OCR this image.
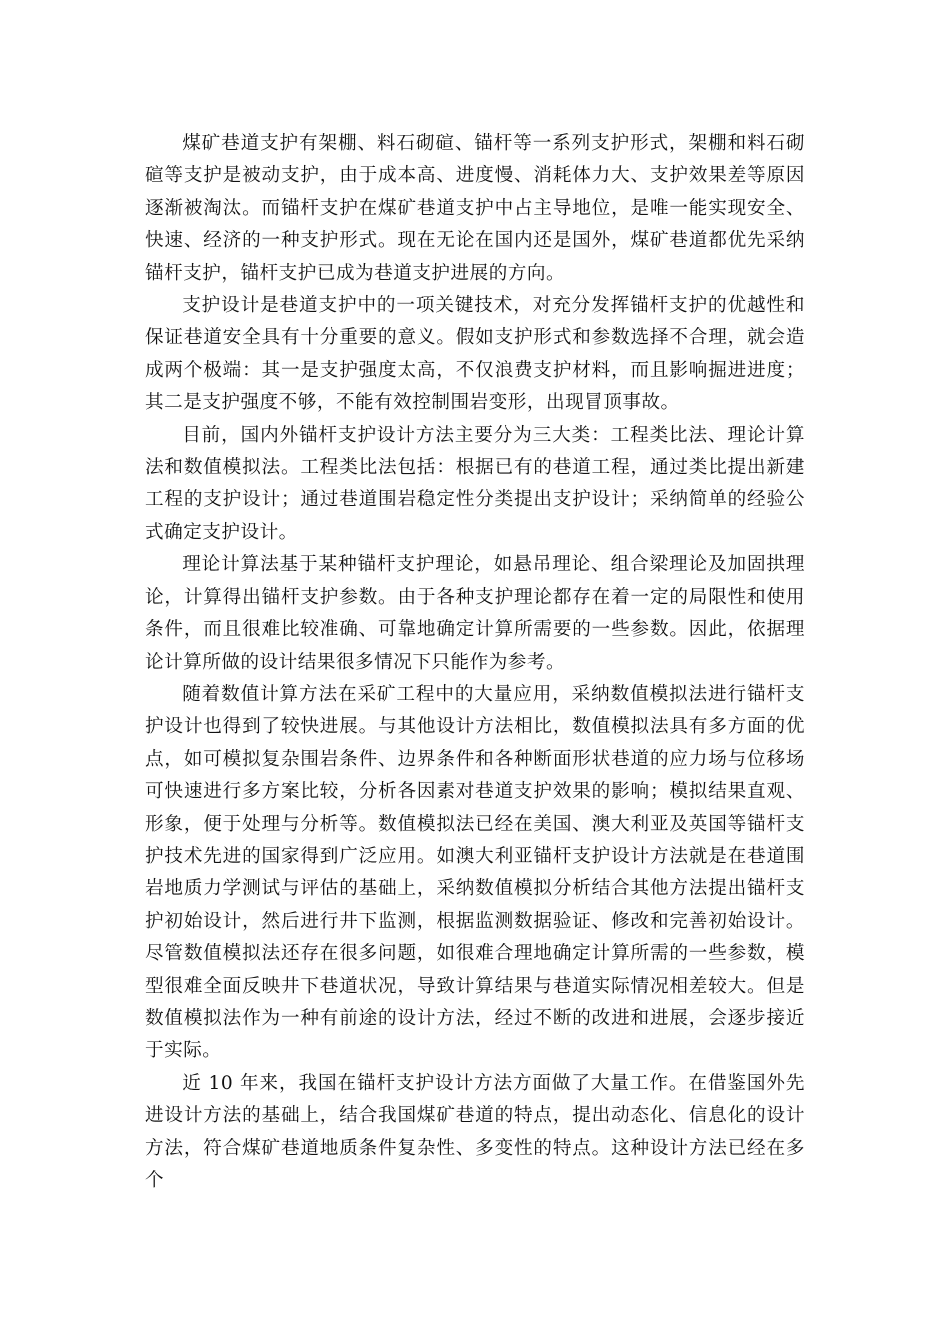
煤矿巷道支护有架棚、料石砌碹、锚杆等一系列支护形式，架棚和料石砌碹等支护是被动支护，由于成本高、进度慢、消耗体力大、支护效果差等原因逐渐被淘汰。而锚杆支护在煤矿巷道支护中占主导地位，是唯一能实现安全、快速、经济的一种支护形式。现在无论在国内还是国外，煤矿巷道都优先采纳锚杆支护，锚杆支护已成为巷道支护进展的方向。

支护设计是巷道支护中的一项关键技术，对充分发挥锚杆支护的优越性和保证巷道安全具有十分重要的意义。假如支护形式和参数选择不合理，就会造成两个极端：其一是支护强度太高，不仅浪费支护材料，而且影响掘进进度；其二是支护强度不够，不能有效控制围岩变形，出现冒顶事故。

目前，国内外锚杆支护设计方法主要分为三大类：工程类比法、理论计算法和数值模拟法。工程类比法包括：根据已有的巷道工程，通过类比提出新建工程的支护设计；通过巷道围岩稳定性分类提出支护设计；采纳简单的经验公式确定支护设计。

理论计算法基于某种锚杆支护理论，如悬吊理论、组合梁理论及加固拱理论，计算得出锚杆支护参数。由于各种支护理论都存在着一定的局限性和使用条件，而且很难比较准确、可靠地确定计算所需要的一些参数。因此，依据理论计算所做的设计结果很多情况下只能作为参考。

随着数值计算方法在采矿工程中的大量应用，采纳数值模拟法进行锚杆支护设计也得到了较快进展。与其他设计方法相比，数值模拟法具有多方面的优点，如可模拟复杂围岩条件、边界条件和各种断面形状巷道的应力场与位移场可快速进行多方案比较，分析各因素对巷道支护效果的影响；模拟结果直观、形象，便于处理与分析等。数值模拟法已经在美国、澳大利亚及英国等锚杆支护技术先进的国家得到广泛应用。如澳大利亚锚杆支护设计方法就是在巷道围岩地质力学测试与评估的基础上，采纳数值模拟分析结合其他方法提出锚杆支护初始设计，然后进行井下监测，根据监测数据验证、修改和完善初始设计。尽管数值模拟法还存在很多问题，如很难合理地确定计算所需的一些参数，模型很难全面反映井下巷道状况，导致计算结果与巷道实际情况相差较大。但是数值模拟法作为一种有前途的设计方法，经过不断的改进和进展，会逐步接近于实际。

近 10 年来，我国在锚杆支护设计方法方面做了大量工作。在借鉴国外先进设计方法的基础上，结合我国煤矿巷道的特点，提出动态化、信息化的设计方法，符合煤矿巷道地质条件复杂性、多变性的特点。这种设计方法已经在多个
